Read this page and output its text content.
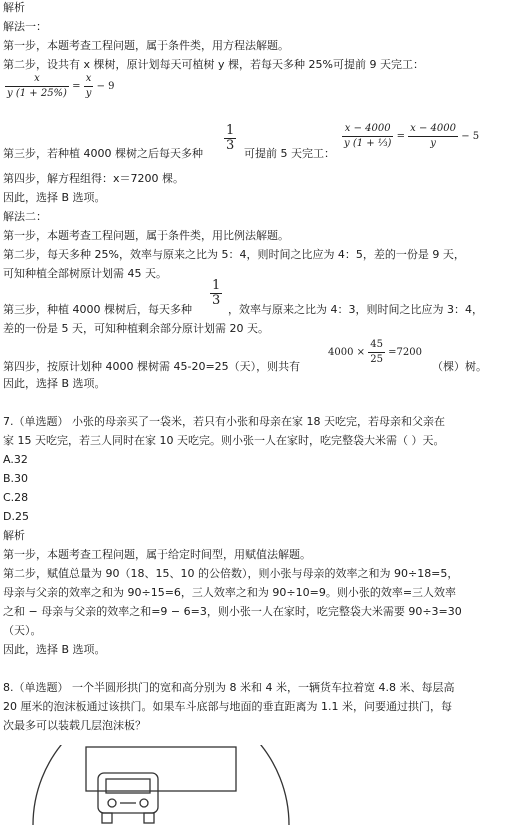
解析
解法一：
第一步，本题考查工程问题，属于条件类，用方程法解题。
第二步，设共有 x 棵树，原计划每天可植树 y 棵，若每天多种 25%可提前 9 天完工：
$\frac{x}{y (1 + 25\%)} = \frac{x}{y} - 9$
第三步，若种植 4000 棵树之后每天多种
$\frac{1}{3}$
可提前 5 天完工：
$\frac{x - 4000}{\text{y (1 + ⅓)}} = \frac{x - 4000}{y} - 5$
第四步，解方程组得：x＝7200 棵。
因此，选择 B 选项。
解法二：
第一步，本题考查工程问题，属于条件类，用比例法解题。
第二步，每天多种 25%，效率与原来之比为 5：4，则时间之比应为 4：5，差的一份是 9 天，
可知种植全部树原计划需 45 天。
第三步，种植 4000 棵树后，每天多种
$\frac{1}{3}$
，效率与原来之比为 4：3，则时间之比应为 3：4，
差的一份是 5 天，可知种植剩余部分原计划需 20 天。
第四步，按原计划种 4000 棵树需 45-20=25（天），则共有
$4000 \times \frac{45}{25} =7200$
（棵）树。
因此，选择 B 选项。
7.（单选题） 小张的母亲买了一袋米，若只有小张和母亲在家 18 天吃完，若母亲和父亲在
家 15 天吃完，若三人同时在家 10 天吃完。则小张一人在家时，吃完整袋大米需（ ）天。
A.32
B.30
C.28
D.25
解析
第一步，本题考查工程问题，属于给定时间型，用赋值法解题。
第二步，赋值总量为 90（18、15、10 的公倍数），则小张与母亲的效率之和为 90÷18=5，
母亲与父亲的效率之和为 90÷15=6，三人效率之和为 90÷10=9。则小张的效率=三人效率
之和 − 母亲与父亲的效率之和=9 − 6=3，则小张一人在家时，吃完整袋大米需要 90÷3=30
（天）。
因此，选择 B 选项。
8.（单选题） 一个半圆形拱门的宽和高分别为 8 米和 4 米，一辆货车拉着宽 4.8 米、每层高
20 厘米的泡沫板通过该拱门。如果车斗底部与地面的垂直距离为 1.1 米，问要通过拱门，每
次最多可以装载几层泡沫板？
